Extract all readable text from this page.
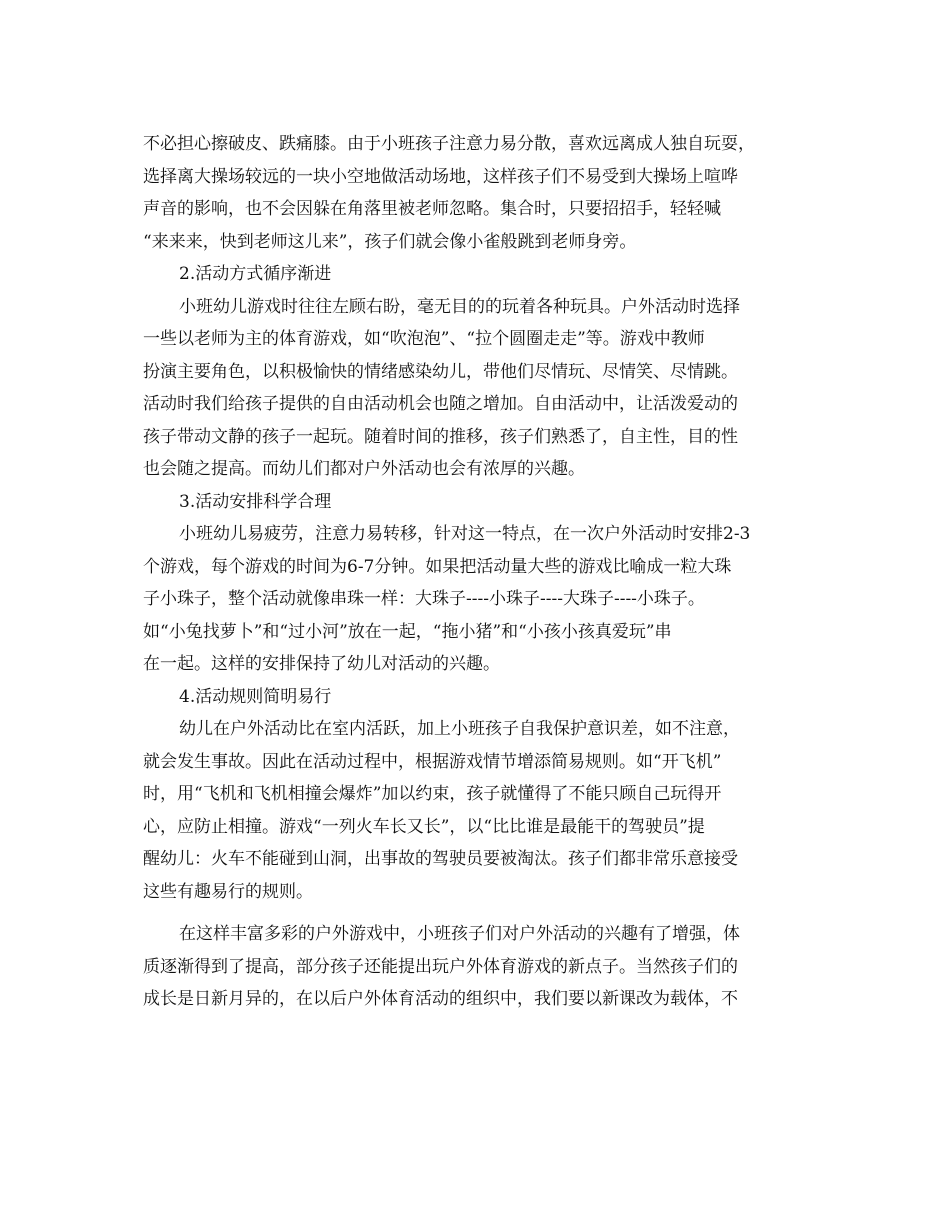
不必担心擦破皮、跌痛膝。由于小班孩子注意力易分散，喜欢远离成人独自玩耍，
选择离大操场较远的一块小空地做活动场地，这样孩子们不易受到大操场上喧哗
声音的影响，也不会因躲在角落里被老师忽略。集合时，只要招招手，轻轻喊
“来来来，快到老师这儿来”，孩子们就会像小雀般跳到老师身旁。
2.活动方式循序渐进
小班幼儿游戏时往往左顾右盼，毫无目的的玩着各种玩具。户外活动时选择
一些以老师为主的体育游戏，如“吹泡泡”、“拉个圆圈走走”等。游戏中教师
扮演主要角色，以积极愉快的情绪感染幼儿，带他们尽情玩、尽情笑、尽情跳。
活动时我们给孩子提供的自由活动机会也随之增加。自由活动中，让活泼爱动的
孩子带动文静的孩子一起玩。随着时间的推移，孩子们熟悉了，自主性，目的性
也会随之提高。而幼儿们都对户外活动也会有浓厚的兴趣。
3.活动安排科学合理
小班幼儿易疲劳，注意力易转移，针对这一特点，在一次户外活动时安排2-3
个游戏，每个游戏的时间为6-7分钟。如果把活动量大些的游戏比喻成一粒大珠
子小珠子，整个活动就像串珠一样：大珠子----小珠子----大珠子----小珠子。
如“小兔找萝卜”和“过小河”放在一起，“拖小猪”和“小孩小孩真爱玩”串
在一起。这样的安排保持了幼儿对活动的兴趣。
4.活动规则简明易行
幼儿在户外活动比在室内活跃，加上小班孩子自我保护意识差，如不注意，
就会发生事故。因此在活动过程中，根据游戏情节增添简易规则。如“开飞机”
时，用“飞机和飞机相撞会爆炸”加以约束，孩子就懂得了不能只顾自己玩得开
心，应防止相撞。游戏“一列火车长又长”，以“比比谁是最能干的驾驶员”提
醒幼儿：火车不能碰到山洞，出事故的驾驶员要被淘汰。孩子们都非常乐意接受
这些有趣易行的规则。
在这样丰富多彩的户外游戏中，小班孩子们对户外活动的兴趣有了增强，体
质逐渐得到了提高，部分孩子还能提出玩户外体育游戏的新点子。当然孩子们的
成长是日新月异的，在以后户外体育活动的组织中，我们要以新课改为载体，不
